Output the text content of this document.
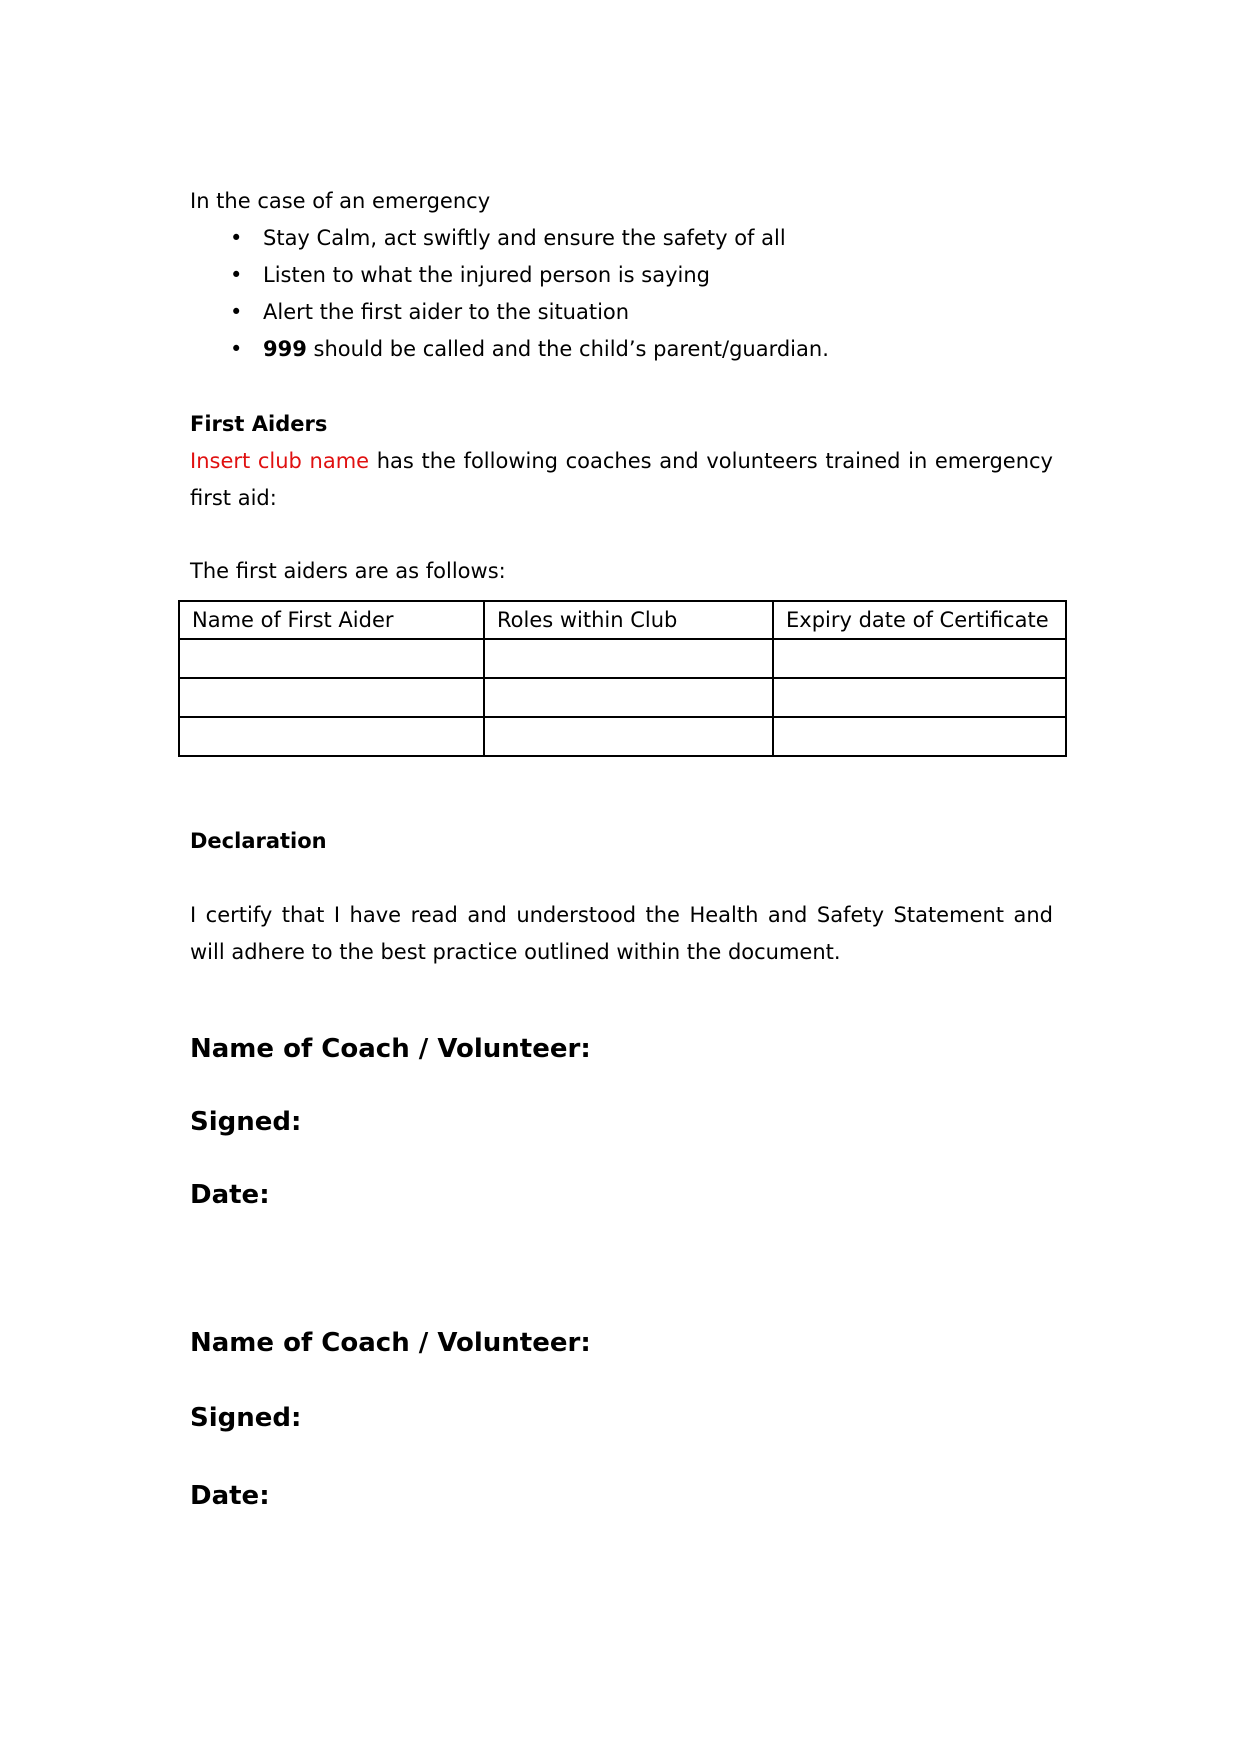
In the case of an emergency

• Stay Calm, act swiftly and ensure the safety of all
• Listen to what the injured person is saying
• Alert the first aider to the situation
• 999 should be called and the child’s parent/guardian.
First Aiders

Insert club name has the following coaches and volunteers trained in emergency first aid:

The first aiders are as follows:

Name of First Aider	Roles within Club	Expiry date of Certificate

Declaration

I certify that I have read and understood the Health and Safety Statement and will adhere to the best practice outlined within the document.

Name of Coach / Volunteer:

Signed:

Date:

Name of Coach / Volunteer:

Signed:

Date:
